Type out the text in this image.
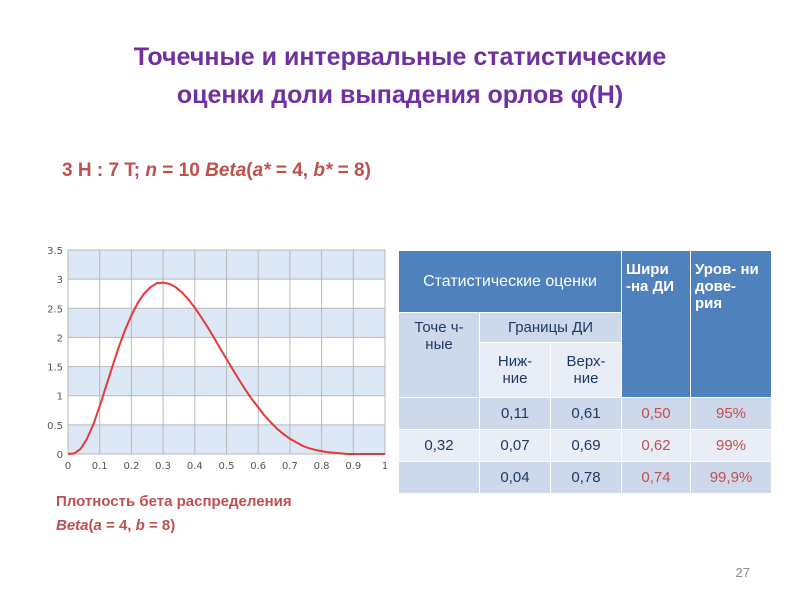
Точечные и интервальные статистические
оценки доли выпадения орлов φ(H)
3 H : 7 T; n = 10 Beta(a* = 4, b* = 8)
0 0.1 0.2 0.3 0.4 0.5 0.6 0.7 0.8 0.9 1
0
0.5
1
1.5
2
2.5
3
3.5
Плотность бета распределения
Beta(a = 4, b = 8)
Статистические оценки			Шири -на ДИ	Уров- ни дове- рия
Точе ч-ные	Границы ДИ			
	Ниж- ние	Верх- ние		
	0,11	0,61	0,50	95%
0,32	0,07	0,69	0,62	99%
	0,04	0,78	0,74	99,9%
27
